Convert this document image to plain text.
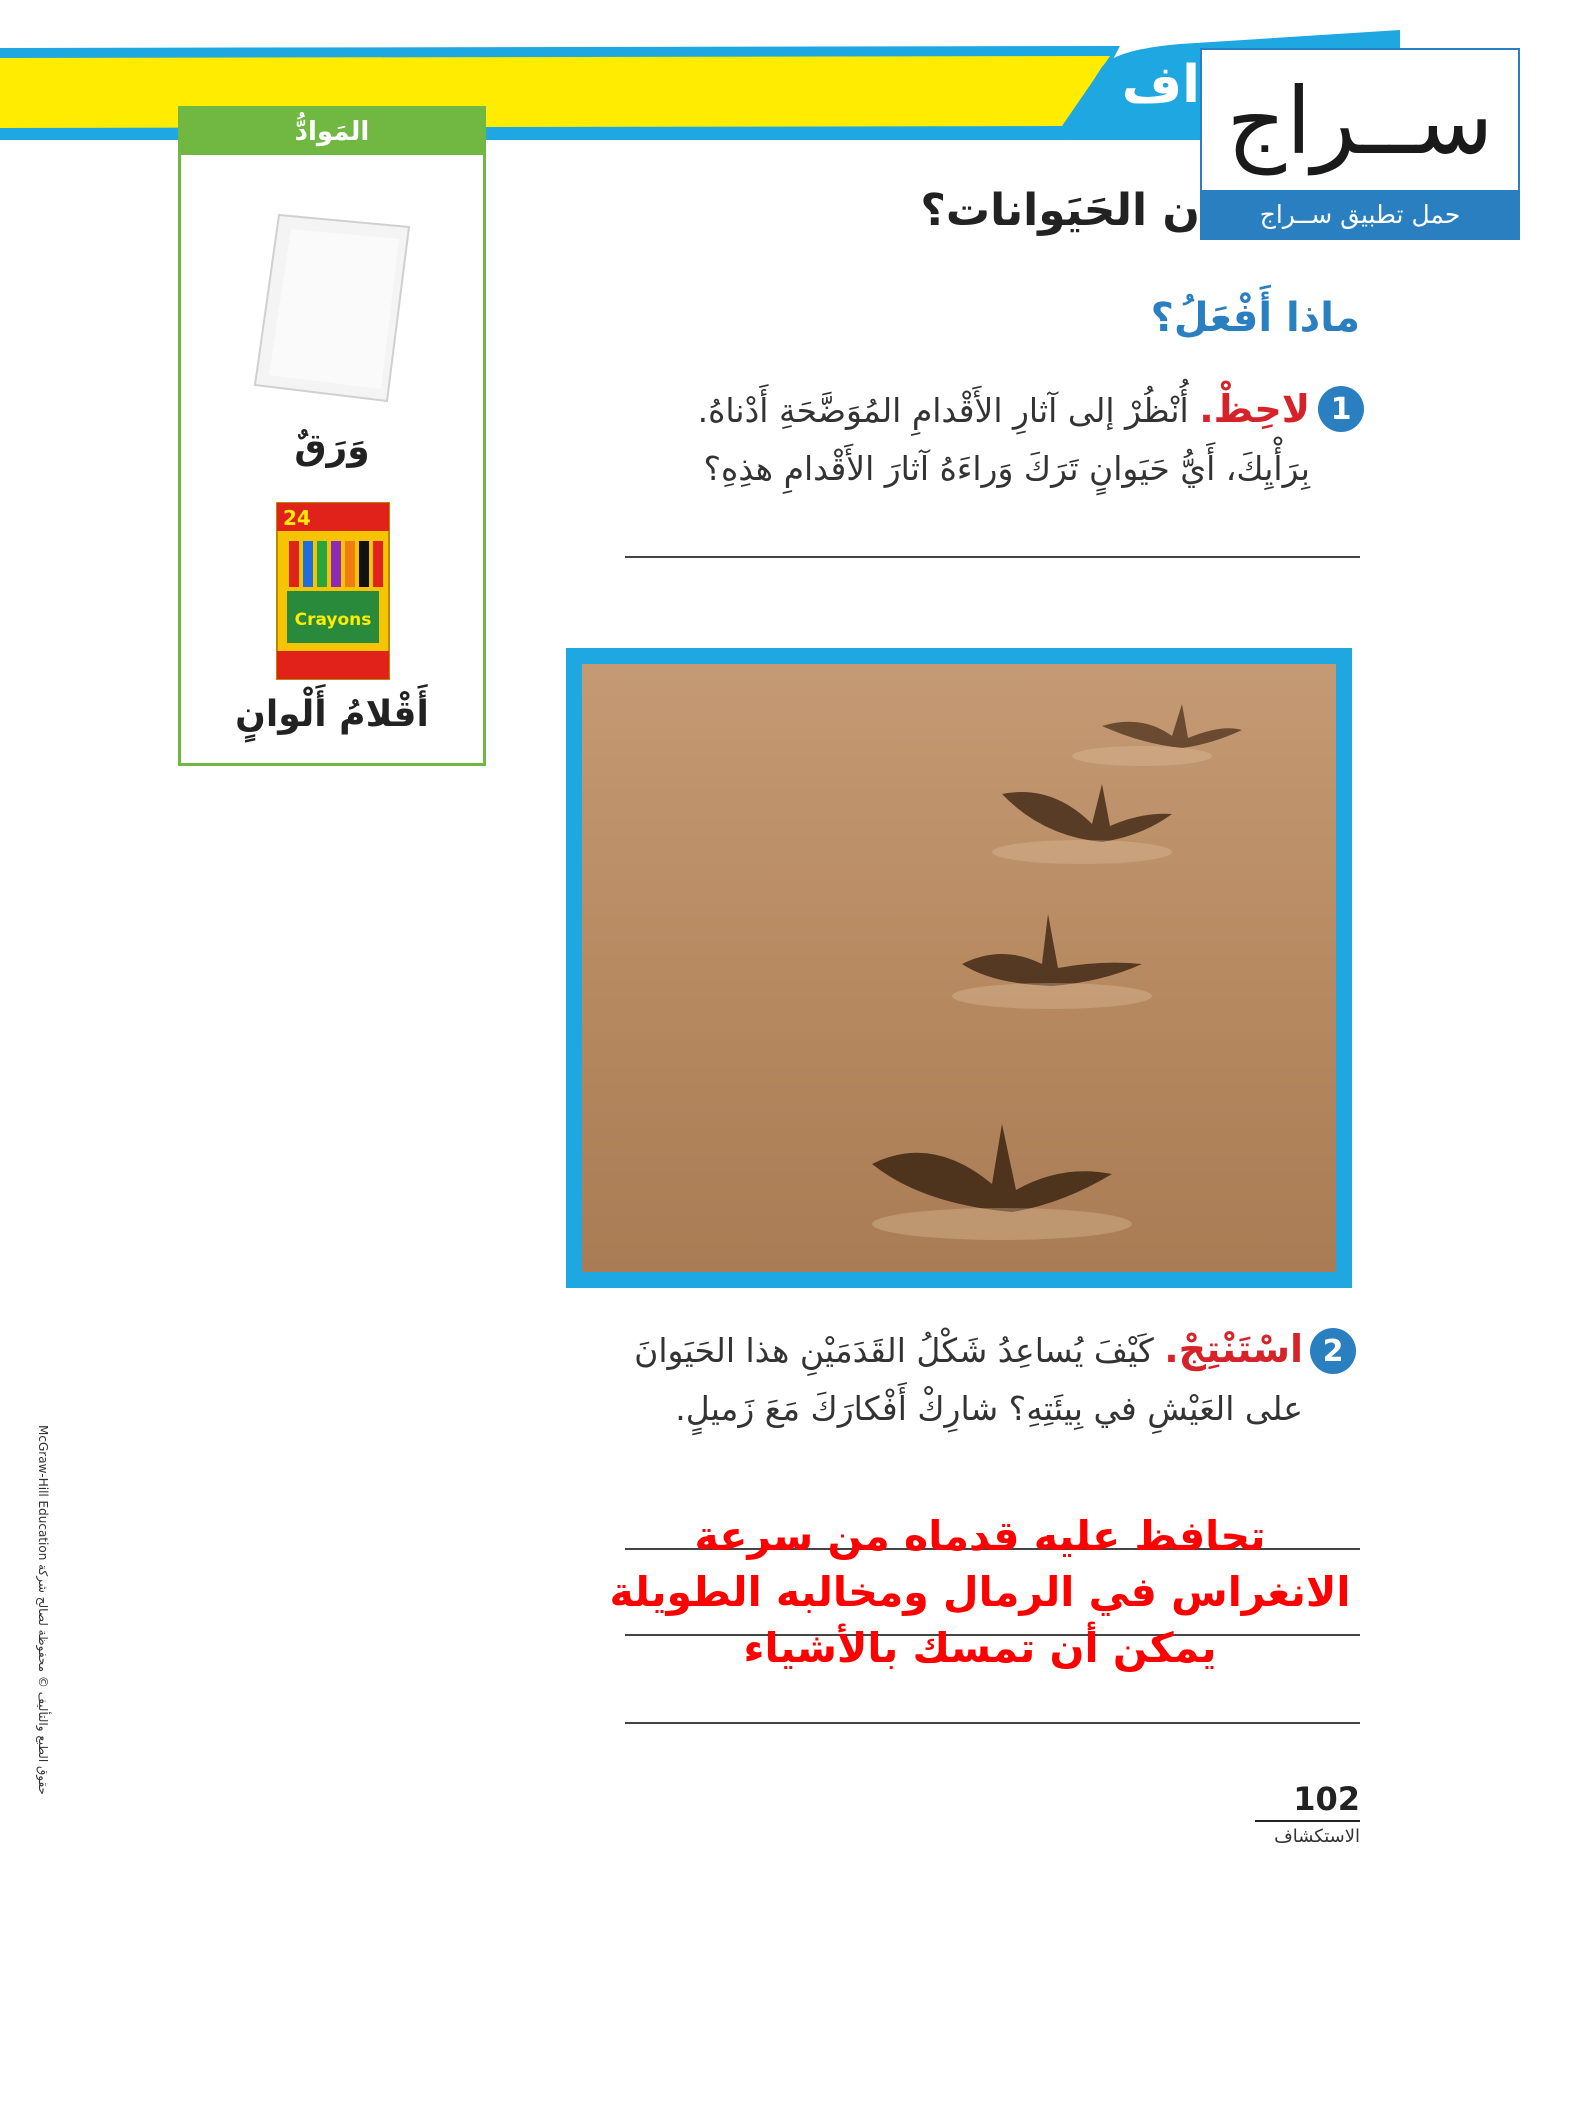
اف ســراج
حمل تطبيق ســراج
ن الحَيَوانات؟
ماذا أَفْعَلُ؟
المَوادُّ
وَرَقٌ
24
Crayons
أَقْلامُ أَلْوانٍ
1
لاحِظْ. أُنْظُرْ إلى آثارِ الأَقْدامِ المُوَضَّحَةِ أَدْناهُ. بِرَأْيِكَ، أَيُّ حَيَوانٍ تَرَكَ وَراءَهُ آثارَ الأَقْدامِ هذِهِ؟
2
اسْتَنْتِجْ. كَيْفَ يُساعِدُ شَكْلُ القَدَمَيْنِ هذا الحَيَوانَ على العَيْشِ في بِيئَتِهِ؟ شارِكْ أَفْكارَكَ مَعَ زَميلٍ.
تحافظ عليه قدماه من سرعة الانغراس في الرمال ومخالبه الطويلة يمكن أن تمسك بالأشياء
102
الاستكشاف
McGraw-Hill Education حقوق الطبع والتأليف © محفوظة لصالح شركة
